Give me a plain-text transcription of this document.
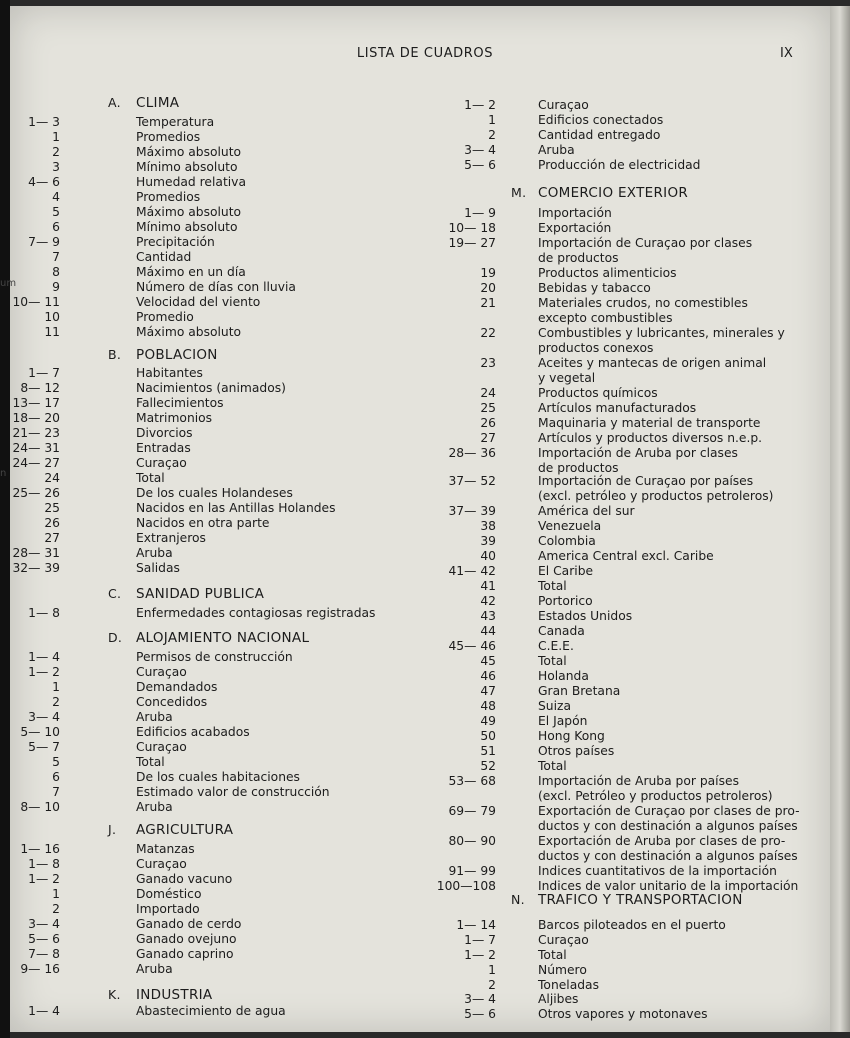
LISTA DE CUADROS	IX
um
n
A. CLIMA
1— 3	Temperatura
1	Promedios
2	Máximo absoluto
3	Mínimo absoluto
4— 6	Humedad relativa
4	Promedios
5	Máximo absoluto
6	Mínimo absoluto
7— 9	Precipitación
7	Cantidad
8	Máximo en un día
9	Número de días con lluvia
10— 11	Velocidad del viento
10	Promedio
11	Máximo absoluto
B. POBLACION
1— 7	Habitantes
8— 12	Nacimientos (animados)
13— 17	Fallecimientos
18— 20	Matrimonios
21— 23	Divorcios
24— 31	Entradas
24— 27	Curaçao
24	Total
25— 26	De los cuales Holandeses
25	Nacidos en las Antillas Holandes
26	Nacidos en otra parte
27	Extranjeros
28— 31	Aruba
32— 39	Salidas
C. SANIDAD PUBLICA
1— 8	Enfermedades contagiosas registradas
D. ALOJAMIENTO NACIONAL
1— 4	Permisos de construcción
1— 2	Curaçao
1	Demandados
2	Concedidos
3— 4	Aruba
5— 10	Edificios acabados
5— 7	Curaçao
5	Total
6	De los cuales habitaciones
7	Estimado valor de construcción
8— 10	Aruba
J. AGRICULTURA
1— 16	Matanzas
1— 8	Curaçao
1— 2	Ganado vacuno
1	Doméstico
2	Importado
3— 4	Ganado de cerdo
5— 6	Ganado ovejuno
7— 8	Ganado caprino
9— 16	Aruba
K. INDUSTRIA
1— 4	Abastecimiento de agua
1— 2	Curaçao
1	Edificios conectados
2	Cantidad entregado
3— 4	Aruba
5— 6	Producción de electricidad
M. COMERCIO EXTERIOR
1— 9	Importación
10— 18	Exportación
19— 27	Importación de Curaçao por clases
de productos
19	Productos alimenticios
20	Bebidas y tabacco
21	Materiales crudos, no comestibles
excepto combustibles
22	Combustibles y lubricantes, minerales y
productos conexos
23	Aceites y mantecas de origen animal
y vegetal
24	Productos químicos
25	Artículos manufacturados
26	Maquinaria y material de transporte
27	Artículos y productos diversos n.e.p.
28— 36	Importación de Aruba por clases
de productos
37— 52	Importación de Curaçao por países
(excl. petróleo y productos petroleros)
37— 39	América del sur
38	Venezuela
39	Colombia
40	America Central excl. Caribe
41— 42	El Caribe
41	Total
42	Portorico
43	Estados Unidos
44	Canada
45— 46	C.E.E.
45	Total
46	Holanda
47	Gran Bretana
48	Suiza
49	El Japón
50	Hong Kong
51	Otros países
52	Total
53— 68	Importación de Aruba por países
(excl. Petróleo y productos petroleros)
69— 79	Exportación de Curaçao por clases de pro-
ductos y con destinación a algunos países
80— 90	Exportación de Aruba por clases de pro-
ductos y con destinación a algunos países
91— 99	Indices cuantitativos de la importación
100—108	Indices de valor unitario de la importación
N. TRAFICO Y TRANSPORTACION
1— 14	Barcos piloteados en el puerto
1— 7	Curaçao
1— 2	Total
1	Número
2	Toneladas
3— 4	Aljibes
5— 6	Otros vapores y motonaves
